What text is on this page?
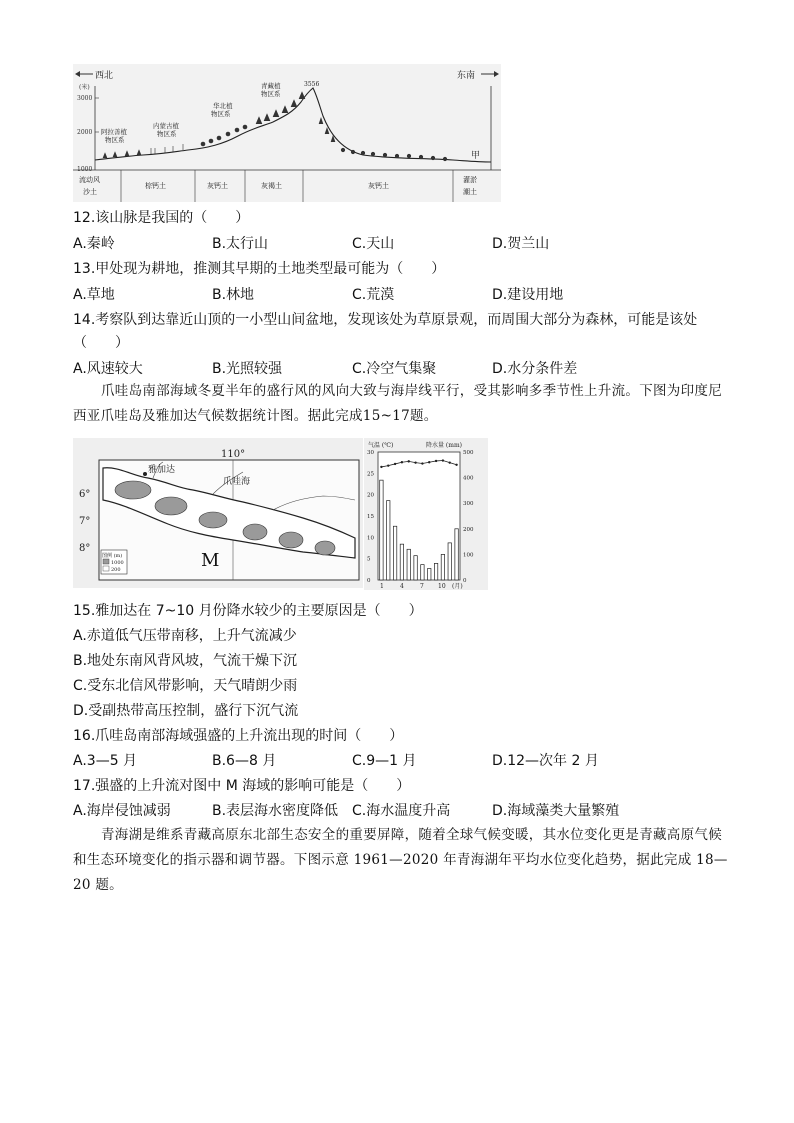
西北	东南
(米)
3000
2000
1000
阿拉善植物区系
内蒙古植物区系
华北植物区系
青藏植物区系
3556
甲
流动风沙土
棕钙土	灰钙土	灰褐土	灰钙土
灌淤潮土
12.该山脉是我国的（　　）
A.秦岭	B.太行山	C.天山	D.贺兰山
13.甲处现为耕地，推测其早期的土地类型最可能为（　　）
A.草地	B.林地	C.荒漠	D.建设用地
14.考察队到达靠近山顶的一小型山间盆地，发现该处为草原景观，而周围大部分为森林，可能是该处
（　　）
A.风速较大	B.光照较强	C.冷空气集聚	D.水分条件差
爪哇岛南部海域冬夏半年的盛行风的风向大致与海岸线平行，受其影响多季节性上升流。下图为印度尼西亚爪哇岛及雅加达气候数据统计图。据此完成15~17题。
110°
6°
7°
8°
雅加达
爪哇海
图例 (m)
1000
200	M
气温 (℃)	降水量 (mm)
30
25
20
15
10
5
0
500
400
300
200
100
0
1	4	7 10 (月)
15.雅加达在 7~10 月份降水较少的主要原因是（　　）
A.赤道低气压带南移，上升气流减少
B.地处东南风背风坡，气流干燥下沉
C.受东北信风带影响，天气晴朗少雨
D.受副热带高压控制，盛行下沉气流
16.爪哇岛南部海域强盛的上升流出现的时间（　　）
A.3—5 月	B.6—8 月	C.9—1 月	D.12—次年 2 月
17.强盛的上升流对图中 M 海域的影响可能是（　　）
A.海岸侵蚀减弱	B.表层海水密度降低 C.海水温度升高	D.海域藻类大量繁殖
青海湖是维系青藏高原东北部生态安全的重要屏障，随着全球气候变暖，其水位变化更是青藏高原气候和生态环境变化的指示器和调节器。下图示意 1961—2020 年青海湖年平均水位变化趋势，据此完成 18—20 题。
